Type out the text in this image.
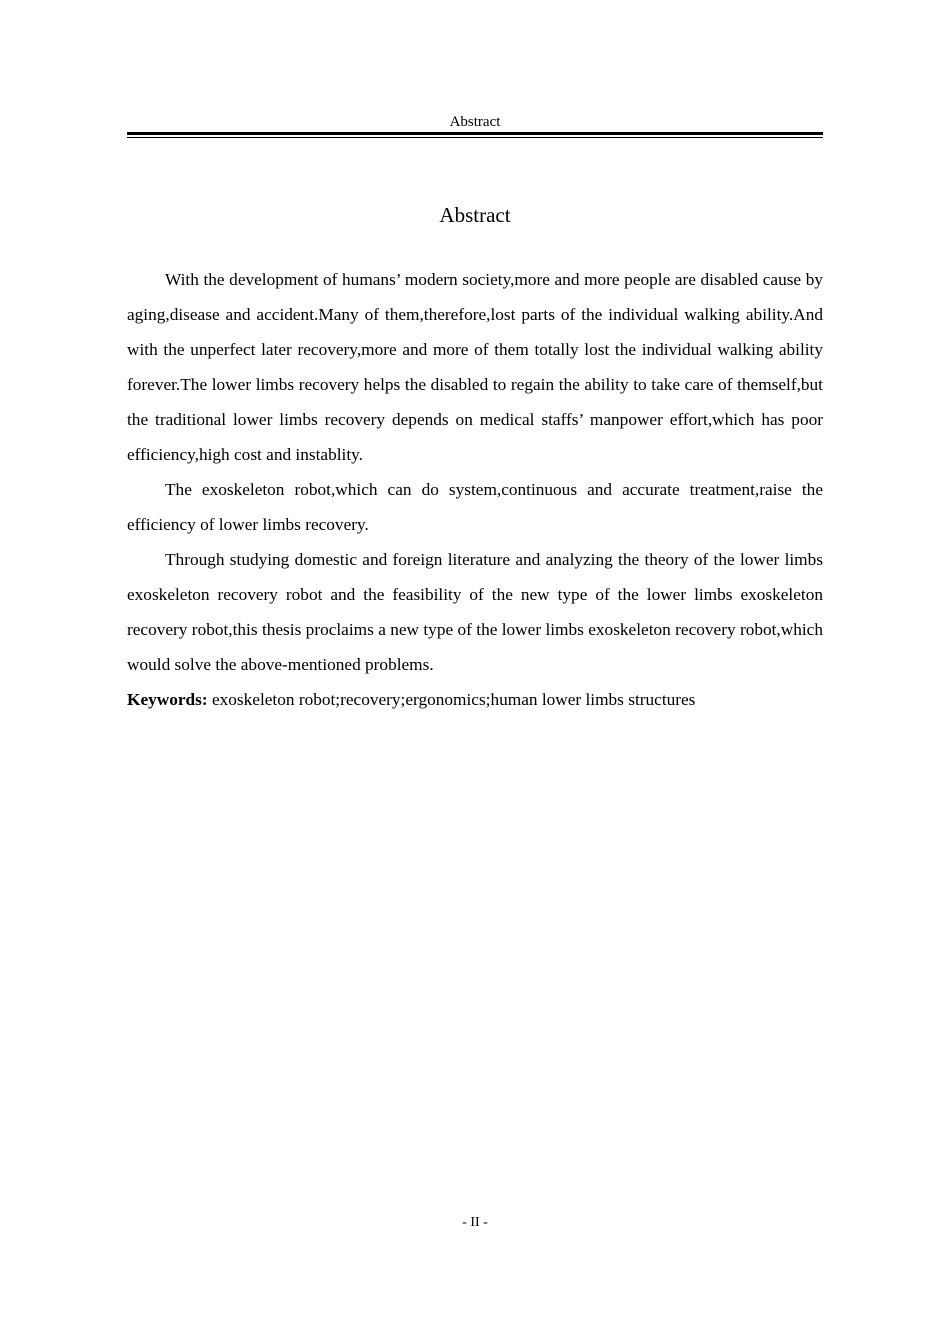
Abstract
Abstract

With the development of humans’ modern society,more and more people are disabled cause by aging,disease and accident.Many of them,therefore,lost parts of the individual walking ability.And with the unperfect later recovery,more and more of them totally lost the individual walking ability forever.The lower limbs recovery helps the disabled to regain the ability to take care of themself,but the traditional lower limbs recovery depends on medical staffs’ manpower effort,which has poor efficiency,high cost and instablity.

The exoskeleton robot,which can do system,continuous and accurate treatment,raise the efficiency of lower limbs recovery.

Through studying domestic and foreign literature and analyzing the theory of the lower limbs exoskeleton recovery robot and the feasibility of the new type of the lower limbs exoskeleton recovery robot,this thesis proclaims a new type of the lower limbs exoskeleton recovery robot,which would solve the above-mentioned problems.

Keywords: exoskeleton robot;recovery;ergonomics;human lower limbs structures
- II -
